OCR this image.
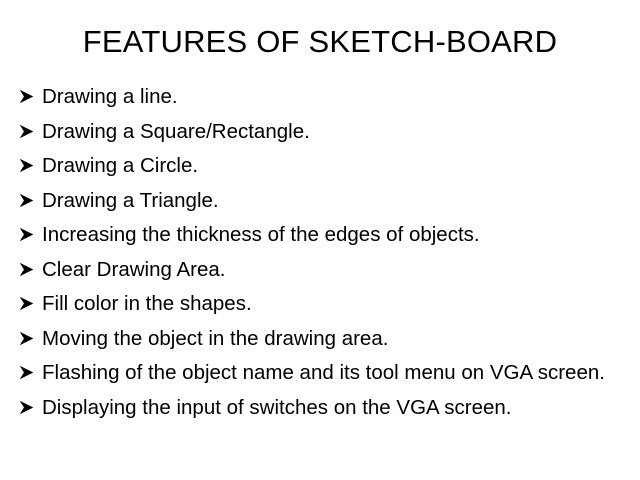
FEATURES OF SKETCH-BOARD
Drawing a line.
Drawing a Square/Rectangle.
Drawing a Circle.
Drawing a Triangle.
Increasing the thickness of the edges of objects.
Clear Drawing Area.
Fill color in the shapes.
Moving the object in the drawing area.
Flashing of the object name and its tool menu on VGA screen.
Displaying the input of switches on the VGA screen.
